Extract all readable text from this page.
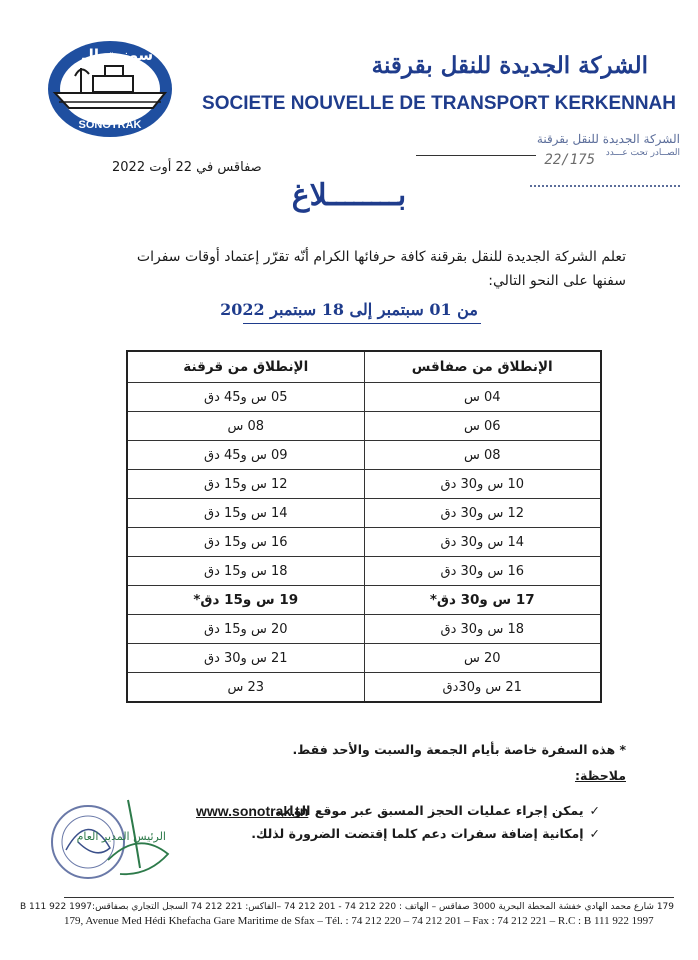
سونوترال
SONOTRAK
الشركة الجديدة للنقل بقرقنة
SOCIETE NOUVELLE DE TRANSPORT KERKENNAH
الشركة الجديدة للنقل بقرقنة
الصــادر تحت عـــدد
22/175
صفاقس في 22 أوت 2022
بــــــــلاغ
تعلم الشركة الجديدة للنقل بقرقنة كافة حرفائها الكرام أنّه تقرّر إعتماد أوقات سفرات سفنها على النحو التالي:
من 01 سبتمبر إلى 18 سبتمبر 2022
الإنطلاق من صفاقس	الإنطلاق من قرقنة
04 س	05 س و45 دق
06 س	08 س
08 س	09 س و45 دق
10 س و30 دق	12 س و15 دق
12 س و30 دق	14 س و15 دق
14 س و30 دق	16 س و15 دق
16 س و30 دق	18 س و15 دق
17 س و30 دق*	19 س و15 دق*
18 س و30 دق	20 س و15 دق
20 س	21 س و30 دق
21 س و30دق	23 س
* هذه السفرة خاصة بأيام الجمعة والسبت والأحد فقط.
ملاحظة:
✓يمكن إجراء عمليات الحجز المسبق عبر موقع الواب
www.sonotrak.tn
✓إمكانية إضافة سفرات دعم كلما إقتضت الضرورة لذلك.
الرئيس المدير العام
179 شارع محمد الهادي خفشة المحطة البحرية 3000 صفاقس – الهاتف : 220 212 74 - 201 212 74 –الفاكس: 221 212 74 السجل التجاري بصفاقس:B 111 922 1997
179, Avenue Med Hédi Khefacha Gare Maritime de Sfax – Tél. : 74 212 220 – 74 212 201 – Fax : 74 212 221 – R.C : B 111 922 1997
